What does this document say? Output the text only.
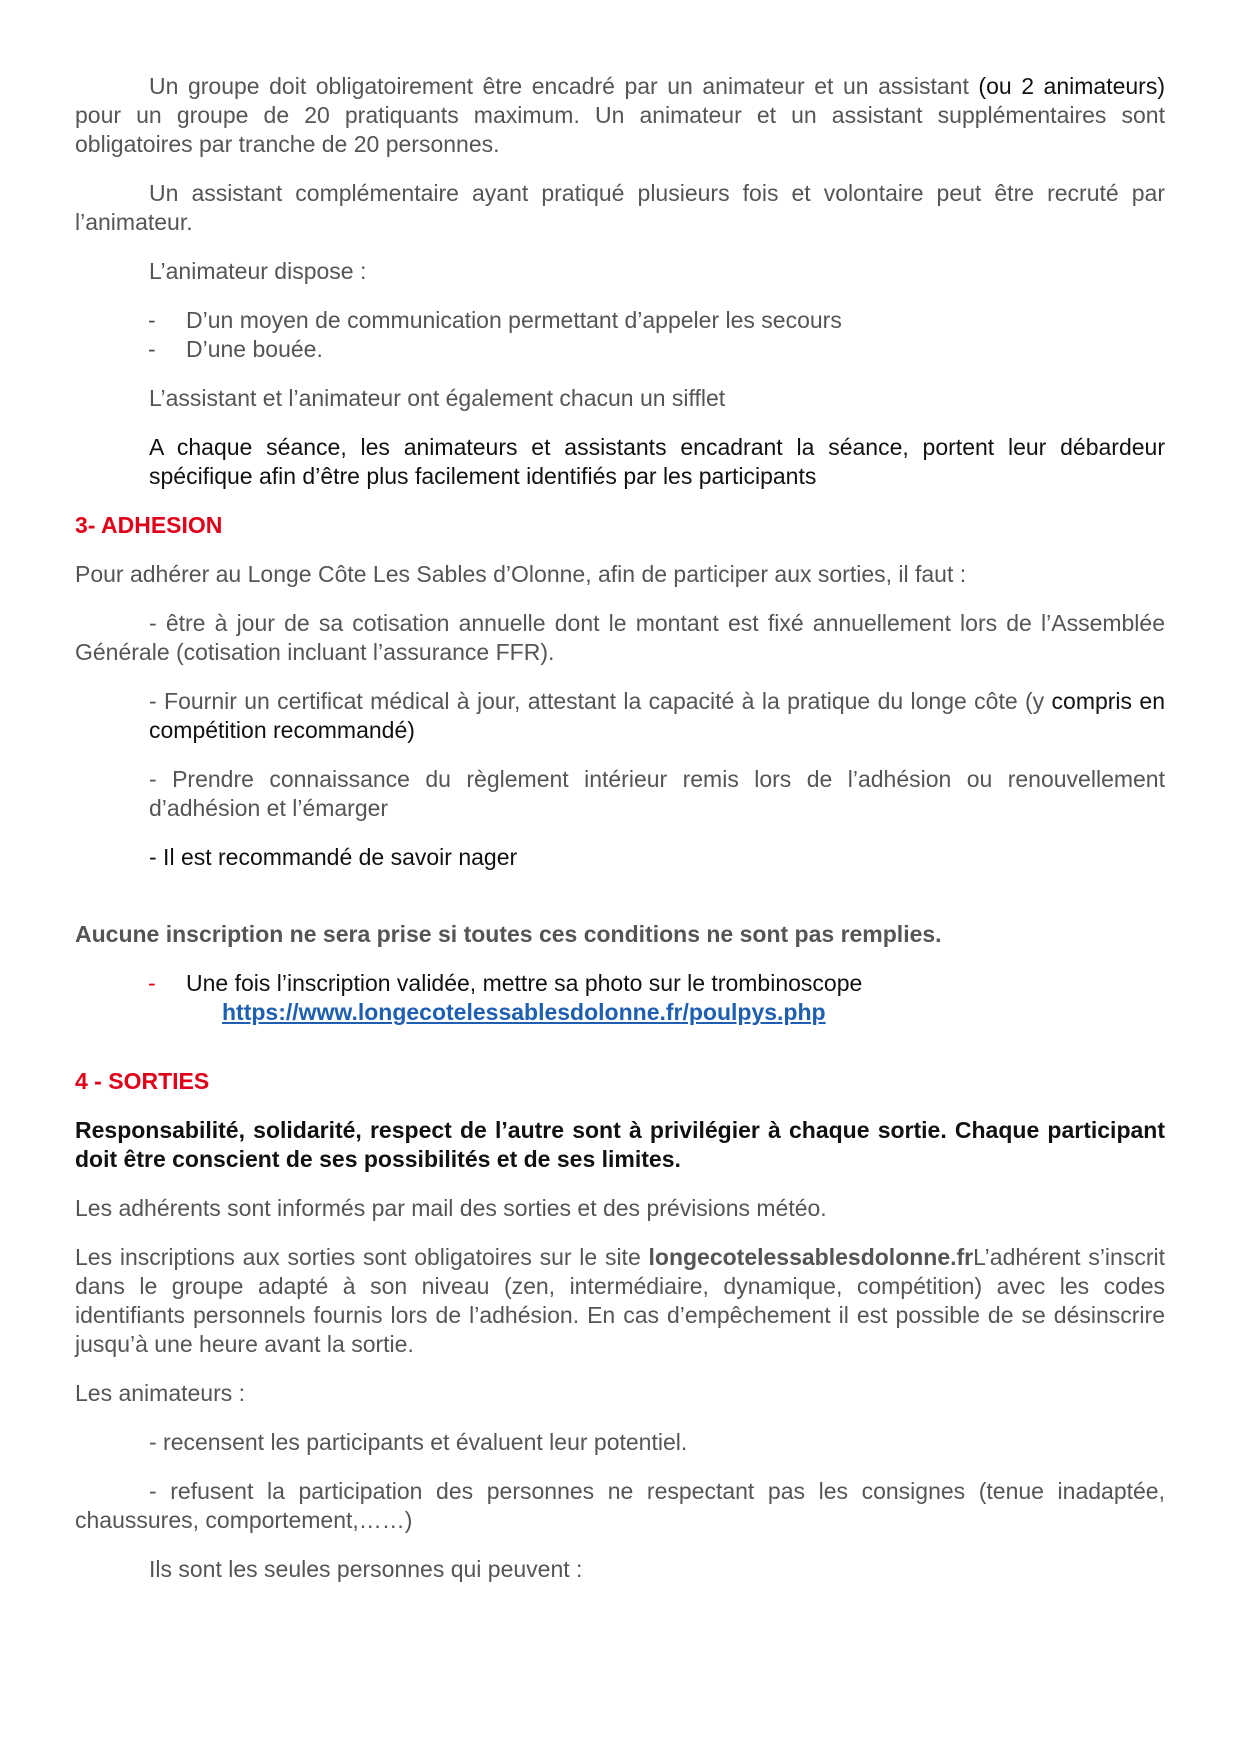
Un groupe doit obligatoirement être encadré par un animateur et un assistant (ou 2 animateurs) pour un groupe de 20 pratiquants maximum. Un animateur et un assistant supplémentaires sont obligatoires par tranche de 20 personnes.

Un assistant complémentaire ayant pratiqué plusieurs fois et volontaire peut être recruté par l’animateur.

L’animateur dispose :

- D’un moyen de communication permettant d’appeler les secours
- D’une bouée.

L’assistant et l’animateur ont également chacun un sifflet

A chaque séance, les animateurs et assistants encadrant la séance, portent leur débardeur spécifique afin d’être plus facilement identifiés par les participants

3- ADHESION

Pour adhérer au Longe Côte Les Sables d’Olonne, afin de participer aux sorties, il faut :

- être à jour de sa cotisation annuelle dont le montant est fixé annuellement lors de l’Assemblée Générale (cotisation incluant l’assurance FFR).

- Fournir un certificat médical à jour, attestant la capacité à la pratique du longe côte (y compris en compétition recommandé)

- Prendre connaissance du règlement intérieur remis lors de l’adhésion ou renouvellement d’adhésion et l’émarger

- Il est recommandé de savoir nager

Aucune inscription ne sera prise si toutes ces conditions ne sont pas remplies.

- Une fois l’inscription validée, mettre sa photo sur le trombinoscope
https://www.longecotelessablesdolonne.fr/poulpys.php

4 - SORTIES

Responsabilité, solidarité, respect de l’autre sont à privilégier à chaque sortie. Chaque participant doit être conscient de ses possibilités et de ses limites.

Les adhérents sont informés par mail des sorties et des prévisions météo.

Les inscriptions aux sorties sont obligatoires sur le site longecotelessablesdolonne.frL’adhérent s’inscrit dans le groupe adapté à son niveau (zen, intermédiaire, dynamique, compétition) avec les codes identifiants personnels fournis lors de l’adhésion. En cas d’empêchement il est possible de se désinscrire jusqu’à une heure avant la sortie.

Les animateurs :

- recensent les participants et évaluent leur potentiel.

- refusent la participation des personnes ne respectant pas les consignes (tenue inadaptée, chaussures, comportement,……)

Ils sont les seules personnes qui peuvent :
